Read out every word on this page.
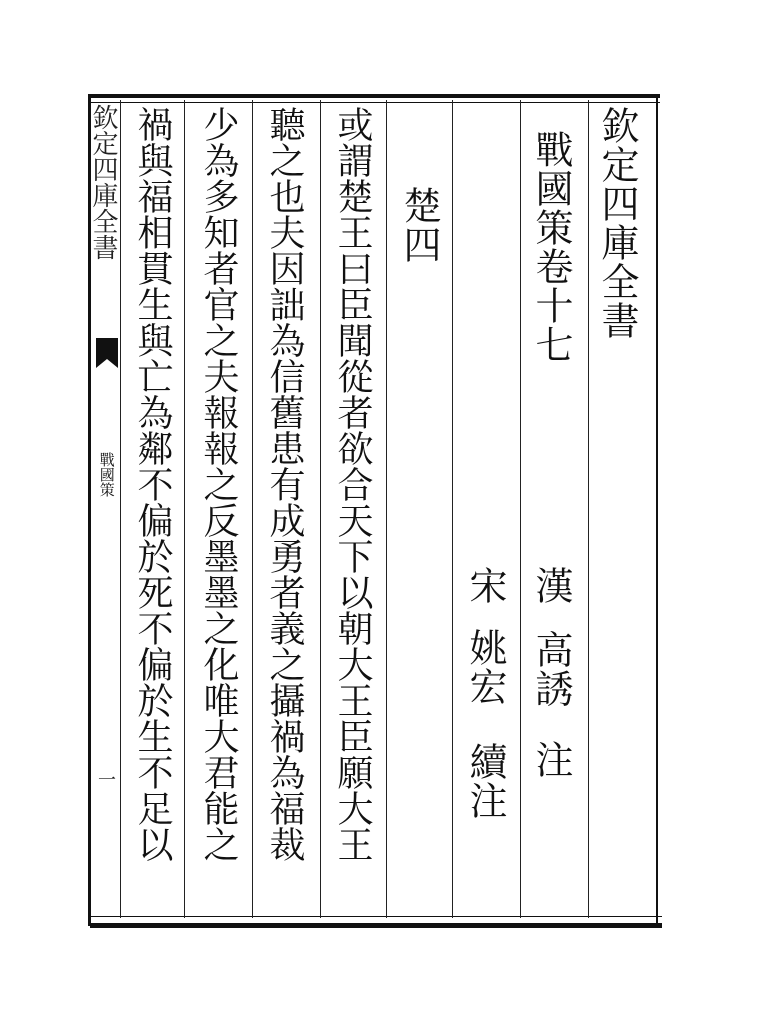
欽定四庫全書
戰國策
一
欽定四庫全書
戰國策卷十七
漢
高誘
注
宋
姚宏
續注
楚四
或謂楚王曰臣聞從者欲合天下以朝大王臣願大王
聽之也夫因詘為信舊患有成勇者義之攝禍為福裁
少為多知者官之夫報報之反墨墨之化唯大君能之
禍與福相貫生與亡為鄰不偏於死不偏於生不足以
